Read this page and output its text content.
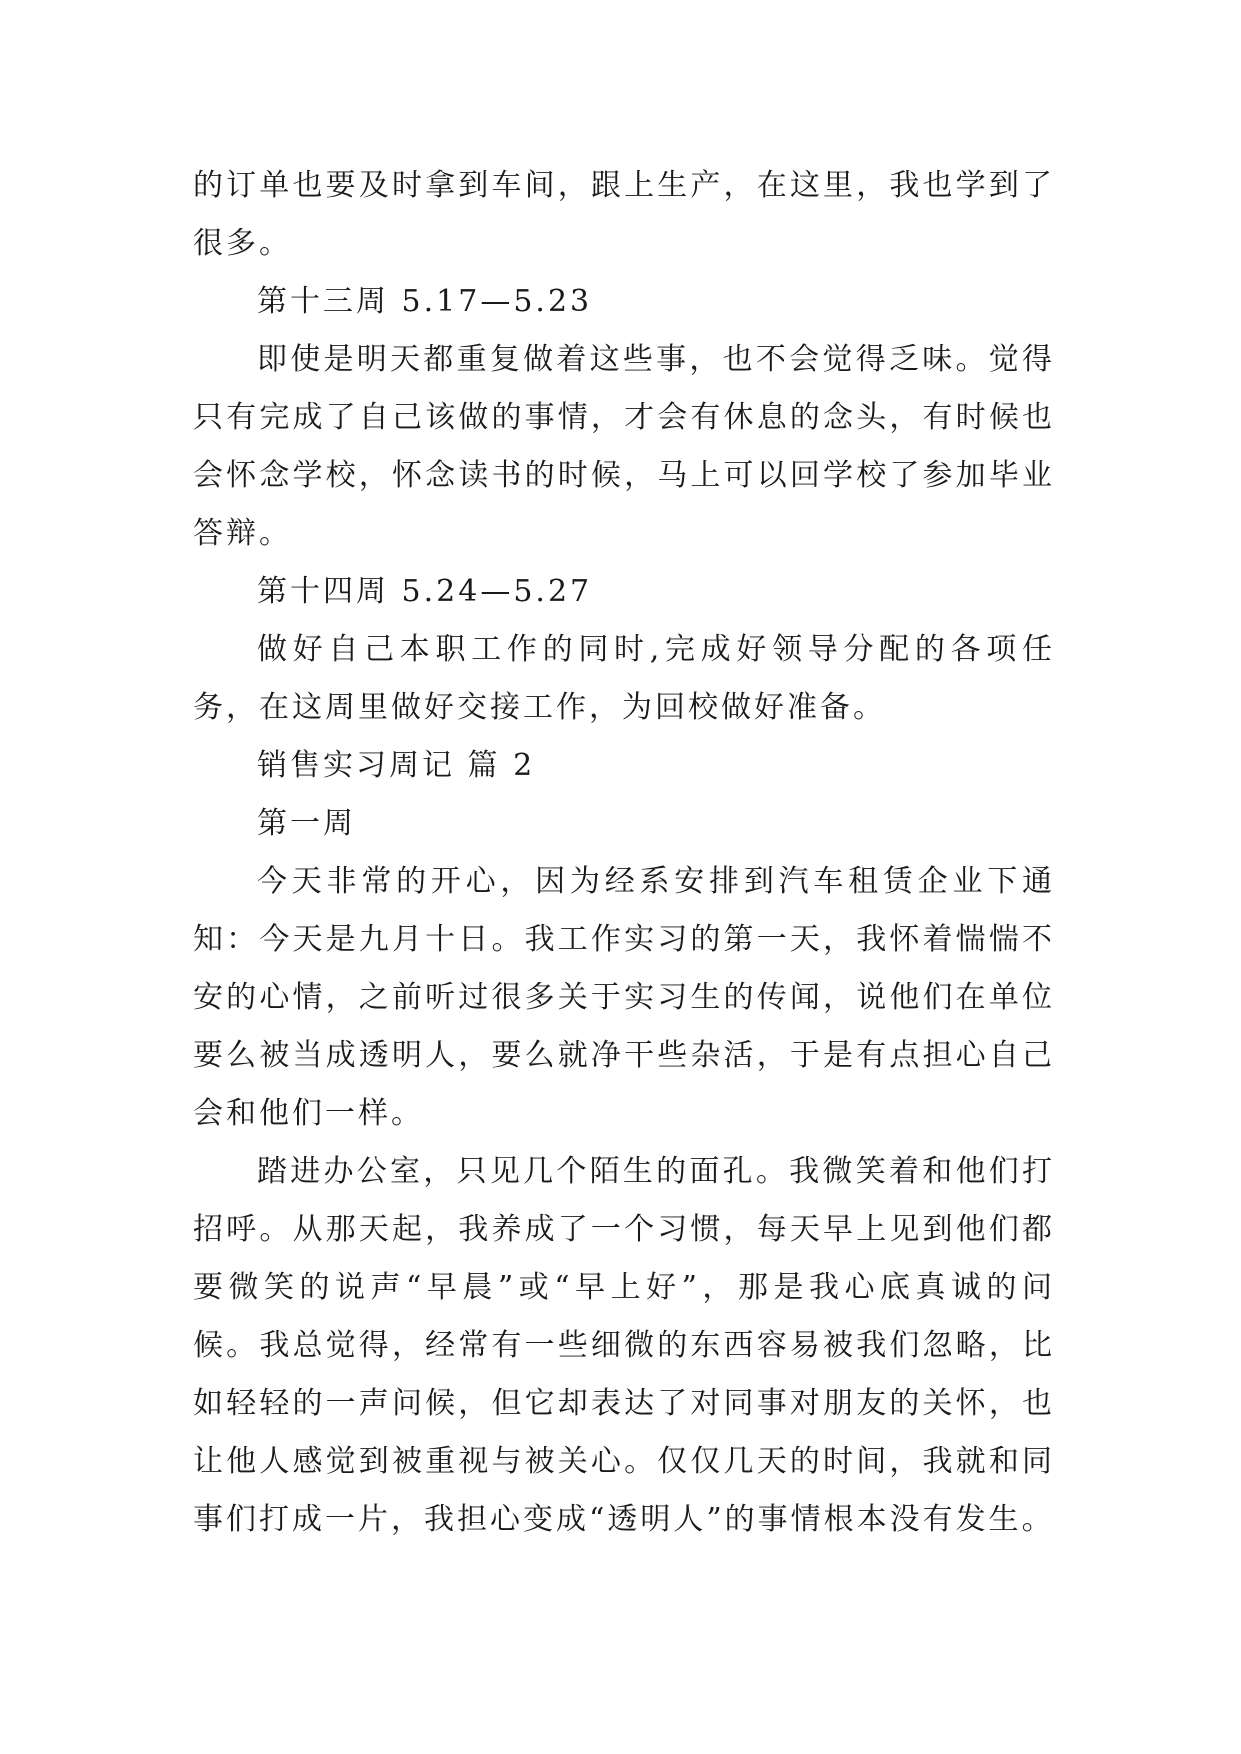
的订单也要及时拿到车间，跟上生产，在这里，我也学到了很多。

第十三周 5.17—5.23

即使是明天都重复做着这些事，也不会觉得乏味。觉得只有完成了自己该做的事情，才会有休息的念头，有时候也会怀念学校，怀念读书的时候，马上可以回学校了参加毕业答辩。

第十四周 5.24—5.27

做好自己本职工作的同时,完成好领导分配的各项任务，在这周里做好交接工作，为回校做好准备。

销售实习周记 篇 2

第一周

今天非常的开心，因为经系安排到汽车租赁企业下通知：今天是九月十日。我工作实习的第一天，我怀着惴惴不安的心情，之前听过很多关于实习生的传闻，说他们在单位要么被当成透明人，要么就净干些杂活，于是有点担心自己会和他们一样。

踏进办公室，只见几个陌生的面孔。我微笑着和他们打招呼。从那天起，我养成了一个习惯，每天早上见到他们都要微笑的说声“早晨”或“早上好”，那是我心底真诚的问候。我总觉得，经常有一些细微的东西容易被我们忽略，比如轻轻的一声问候，但它却表达了对同事对朋友的关怀，也让他人感觉到被重视与被关心。仅仅几天的时间，我就和同事们打成一片，我担心变成“透明人”的事情根本没有发生。
